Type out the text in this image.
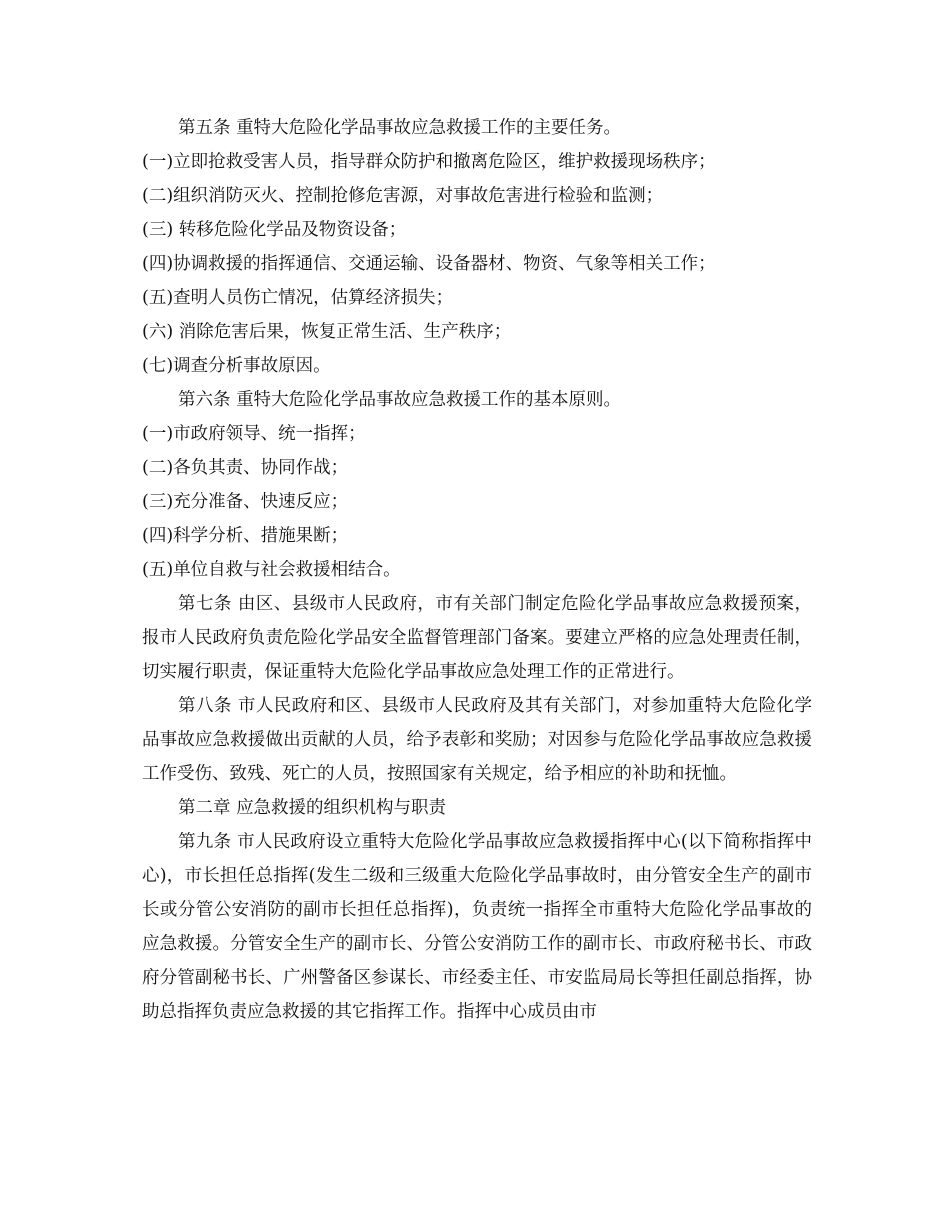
第五条 重特大危险化学品事故应急救援工作的主要任务。
(一)立即抢救受害人员，指导群众防护和撤离危险区，维护救援现场秩序；
(二)组织消防灭火、控制抢修危害源，对事故危害进行检验和监测；
(三) 转移危险化学品及物资设备；
(四)协调救援的指挥通信、交通运输、设备器材、物资、气象等相关工作；
(五)查明人员伤亡情况，估算经济损失；
(六) 消除危害后果，恢复正常生活、生产秩序；
(七)调查分析事故原因。
第六条 重特大危险化学品事故应急救援工作的基本原则。
(一)市政府领导、统一指挥；
(二)各负其责、协同作战；
(三)充分准备、快速反应；
(四)科学分析、措施果断；
(五)单位自救与社会救援相结合。
第七条 由区、县级市人民政府，市有关部门制定危险化学品事故应急救援预案，报市人民政府负责危险化学品安全监督管理部门备案。要建立严格的应急处理责任制，切实履行职责，保证重特大危险化学品事故应急处理工作的正常进行。
第八条 市人民政府和区、县级市人民政府及其有关部门，对参加重特大危险化学品事故应急救援做出贡献的人员，给予表彰和奖励；对因参与危险化学品事故应急救援工作受伤、致残、死亡的人员，按照国家有关规定，给予相应的补助和抚恤。
第二章 应急救援的组织机构与职责
第九条 市人民政府设立重特大危险化学品事故应急救援指挥中心(以下简称指挥中心)，市长担任总指挥(发生二级和三级重大危险化学品事故时，由分管安全生产的副市长或分管公安消防的副市长担任总指挥)，负责统一指挥全市重特大危险化学品事故的应急救援。分管安全生产的副市长、分管公安消防工作的副市长、市政府秘书长、市政府分管副秘书长、广州警备区参谋长、市经委主任、市安监局局长等担任副总指挥，协助总指挥负责应急救援的其它指挥工作。指挥中心成员由市
